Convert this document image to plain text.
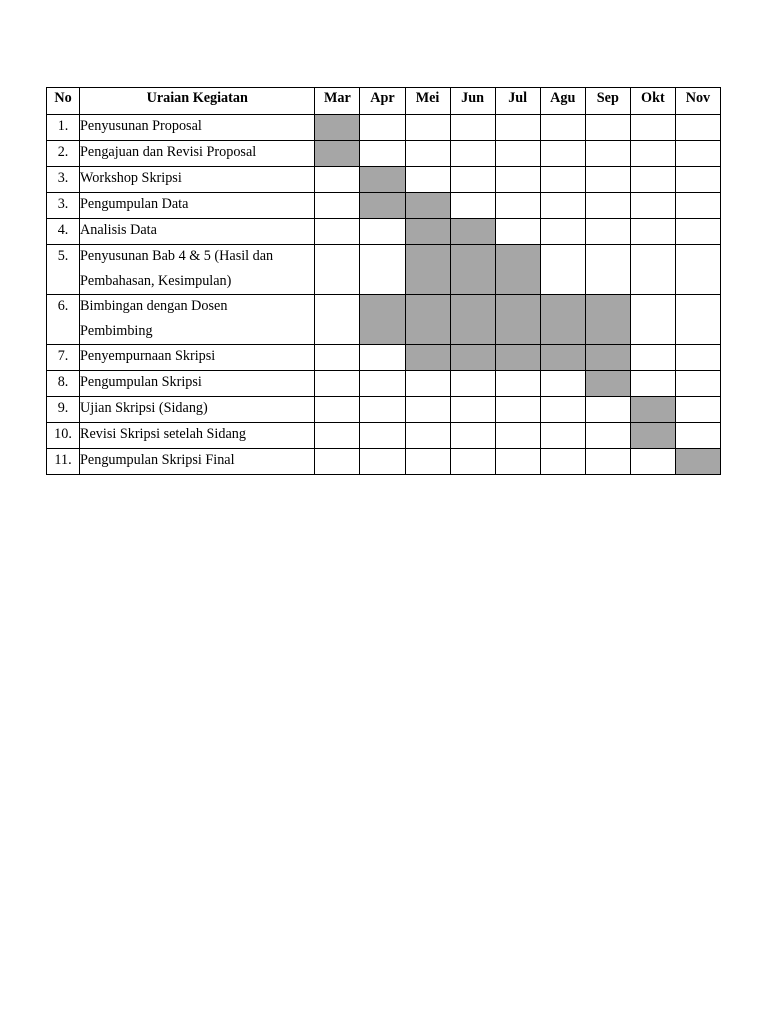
No	Uraian Kegiatan	Mar	Apr	Mei	Jun	Jul	Agu	Sep	Okt	Nov
1.	Penyusunan Proposal									
2.	Pengajuan dan Revisi Proposal									
3.	Workshop Skripsi									
3.	Pengumpulan Data									
4.	Analisis Data									
5.	Penyusunan Bab 4 & 5 (Hasil dan
Pembahasan, Kesimpulan)									

6.	Bimbingan dengan Dosen
Pembimbing									

7.	Penyempurnaan Skripsi									
8.	Pengumpulan Skripsi									
9.	Ujian Skripsi (Sidang)									
10.	Revisi Skripsi setelah Sidang									
11.	Pengumpulan Skripsi Final									
